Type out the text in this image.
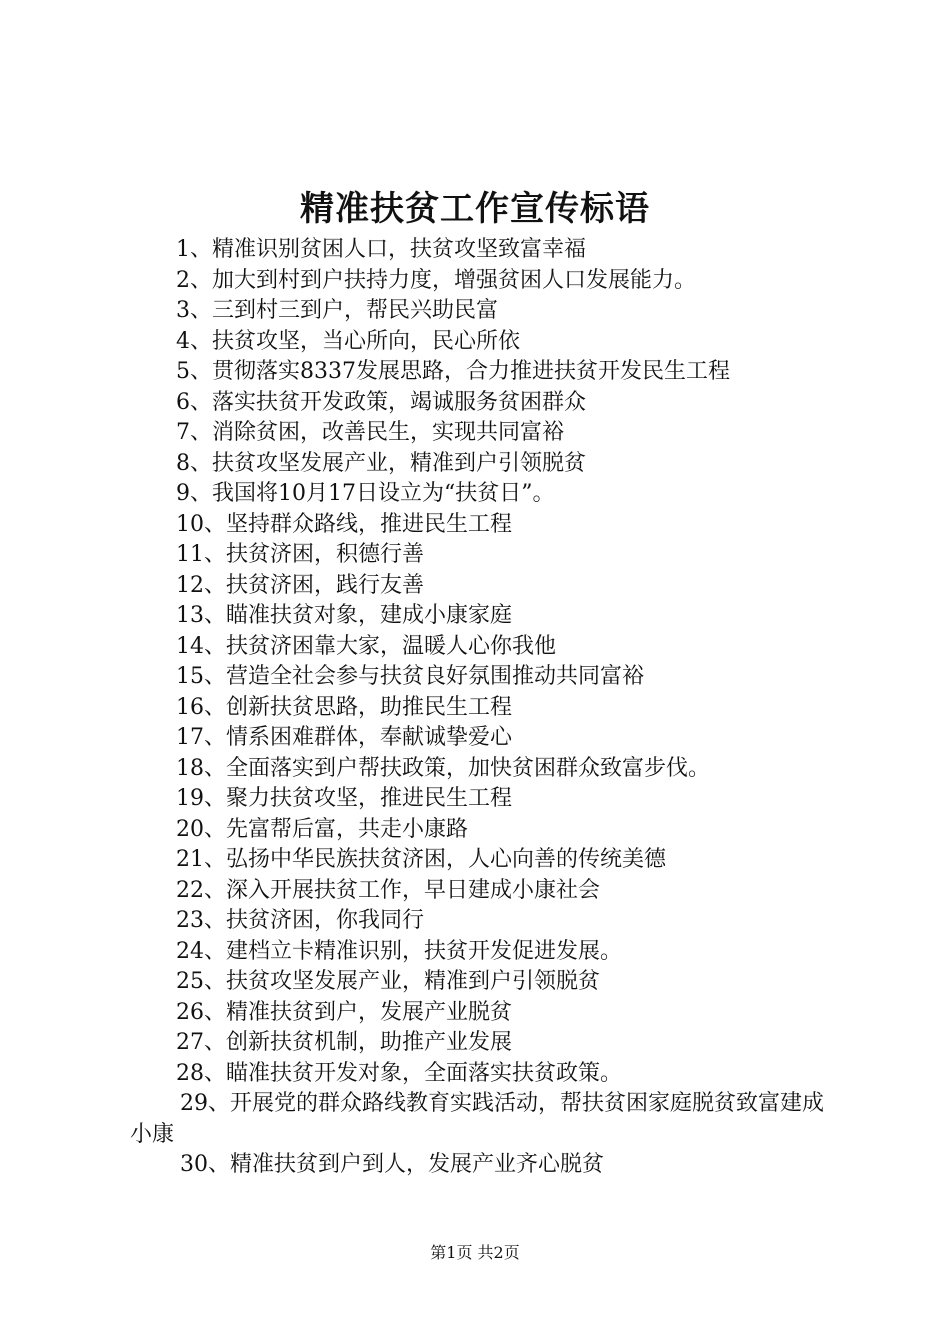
精准扶贫工作宣传标语
1、精准识别贫困人口，扶贫攻坚致富幸福
2、加大到村到户扶持力度，增强贫困人口发展能力。
3、三到村三到户，帮民兴助民富
4、扶贫攻坚，当心所向，民心所依
5、贯彻落实8337发展思路，合力推进扶贫开发民生工程
6、落实扶贫开发政策，竭诚服务贫困群众
7、消除贫困，改善民生，实现共同富裕
8、扶贫攻坚发展产业，精准到户引领脱贫
9、我国将10月17日设立为“扶贫日”。
10、坚持群众路线，推进民生工程
11、扶贫济困，积德行善
12、扶贫济困，践行友善
13、瞄准扶贫对象，建成小康家庭
14、扶贫济困靠大家，温暖人心你我他
15、营造全社会参与扶贫良好氛围推动共同富裕
16、创新扶贫思路，助推民生工程
17、情系困难群体，奉献诚挚爱心
18、全面落实到户帮扶政策，加快贫困群众致富步伐。
19、聚力扶贫攻坚，推进民生工程
20、先富帮后富，共走小康路
21、弘扬中华民族扶贫济困，人心向善的传统美德
22、深入开展扶贫工作，早日建成小康社会
23、扶贫济困，你我同行
24、建档立卡精准识别，扶贫开发促进发展。
25、扶贫攻坚发展产业，精准到户引领脱贫
26、精准扶贫到户，发展产业脱贫
27、创新扶贫机制，助推产业发展
28、瞄准扶贫开发对象，全面落实扶贫政策。
29、开展党的群众路线教育实践活动，帮扶贫困家庭脱贫致富建成小康
30、精准扶贫到户到人，发展产业齐心脱贫
第1页 共2页
